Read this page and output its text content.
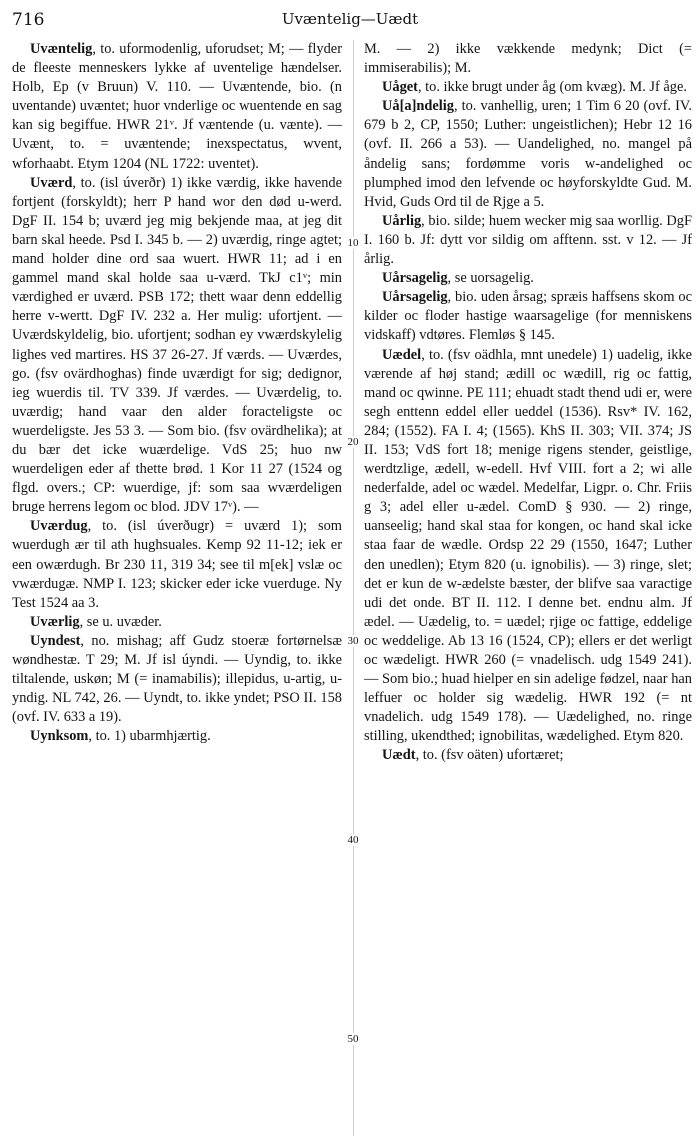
716	Uvæntelig—Uædt
10
20
30
40
50

Uvæntelig, to. uformodenlig, uforudset; M; — flyder de fleeste menneskers lykke af uventelige hændelser. Holb, Ep (v Bruun) V. 110. — Uvæntende, bio. (n uventande) uvæntet; huor vnderlige oc wuentende en sag kan sig begiffue. HWR 21ᵛ. Jf væntende (u. vænte). — Uvænt, to. = uvæntende; inexspectatus, wvent, wforhaabt. Etym 1204 (NL 1722: uventet).

Uværd, to. (isl úverðr) 1) ikke værdig, ikke havende fortjent (forskyldt); herr P hand wor den død u-werd. DgF II. 154 b; uværd jeg mig bekjende maa, at jeg dit barn skal heede. Psd I. 345 b. — 2) uværdig, ringe agtet; mand holder dine ord saa wuert. HWR 11; ad i en gammel mand skal holde saa u-værd. TkJ c1ᵛ; min værdighed er uværd. PSB 172; thett waar denn eddellig herre v-wertt. DgF IV. 232 a. Her mulig: ufortjent. — Uværdskyldelig, bio. ufortjent; sodhan ey vwærdskylelig lighes ved martires. HS 37 26-27. Jf værds. — Uværdes, go. (fsv ovärdhoghas) finde uværdigt for sig; dedignor, ieg wuerdis til. TV 339. Jf værdes. — Uværdelig, to. uværdig; hand vaar den alder foracteligste oc wuerdeligste. Jes 53 3. — Som bio. (fsv ovärdhelika); at du bær det icke wuærdelige. VdS 25; huo nw wuerdeligen eder af thette brød. 1 Kor 11 27 (1524 og flgd. overs.; CP: wuerdige, jf: som saa wværdeligen bruge herrens legom oc blod. JDV 17ᵛ). —

Uværdug, to. (isl úverðugr) = uværd 1); som wuerdugh ær til ath hughsuales. Kemp 92 11-12; iek er een owærdugh. Br 230 11, 319 34; see til m[ek] vslæ oc vwærdugæ. NMP I. 123; skicker eder icke vuerduge. Ny Test 1524 aa 3.

Uværlig, se u. uvæder.

Uyndest, no. mishag; aff Gudz stoeræ fortørnelsæ wøndhestæ. T 29; M. Jf isl úyndi. — Uyndig, to. ikke tiltalende, uskøn; M (= inamabilis); illepidus, u-artig, u-yndig. NL 742, 26. — Uyndt, to. ikke yndet; PSO II. 158 (ovf. IV. 633 a 19).

Uynksom, to. 1) ubarmhjærtig.

M. — 2) ikke vækkende medynk; Dict (= immiserabilis); M.

Uåget, to. ikke brugt under åg (om kvæg). M. Jf åge.

Uå[a]ndelig, to. vanhellig, uren; 1 Tim 6 20 (ovf. IV. 679 b 2, CP, 1550; Luther: ungeistlichen); Hebr 12 16 (ovf. II. 266 a 53). — Uandelighed, no. mangel på åndelig sans; fordømme voris w-andelighed oc plumphed imod den lefvende oc høyforskyldte Gud. M. Hvid, Guds Ord til de Rjge a 5.

Uårlig, bio. silde; huem wecker mig saa worllig. DgF I. 160 b. Jf: dytt vor sildig om afftenn. sst. v 12. — Jf årlig.

Uårsagelig, se uorsagelig.

Uårsagelig, bio. uden årsag; spræis haffsens skom oc kilder oc floder hastige waarsagelige (for menniskens vidskaff) vdtøres. Flemløs § 145.

Uædel, to. (fsv oädhla, mnt unedele) 1) uadelig, ikke værende af høj stand; ædill oc wædill, rig oc fattig, mand oc qwinne. PE 111; ehuadt stadt thend udi er, were segh enttenn eddel eller ueddel (1536). Rsv* IV. 162, 284; (1552). FA I. 4; (1565). KhS II. 303; VII. 374; JS II. 153; VdS fort 18; menige rigens stender, geistlige, werdtzlige, ædell, w-edell. Hvf VIII. fort a 2; wi alle nederfalde, adel oc wædel. Medelfar, Ligpr. o. Chr. Friis g 3; adel eller u-ædel. ComD § 930. — 2) ringe, uanseelig; hand skal staa for kongen, oc hand skal icke staa faar de wædle. Ordsp 22 29 (1550, 1647; Luther den unedlen); Etym 820 (u. ignobilis). — 3) ringe, slet; det er kun de w-ædelste bæster, der blifve saa varactige udi det onde. BT II. 112. I denne bet. endnu alm. Jf ædel. — Uædelig, to. = uædel; rjige oc fattige, eddelige oc weddelige. Ab 13 16 (1524, CP); ellers er det werligt oc wædeligt. HWR 260 (= vnadelisch. udg 1549 241). — Som bio.; huad hielper en sin adelige fødzel, naar han leffuer oc holder sig wædelig. HWR 192 (= nt vnadelich. udg 1549 178). — Uædelighed, no. ringe stilling, ukendthed; ignobilitas, wædelighed. Etym 820.

Uædt, to. (fsv oäten) ufortæret;
